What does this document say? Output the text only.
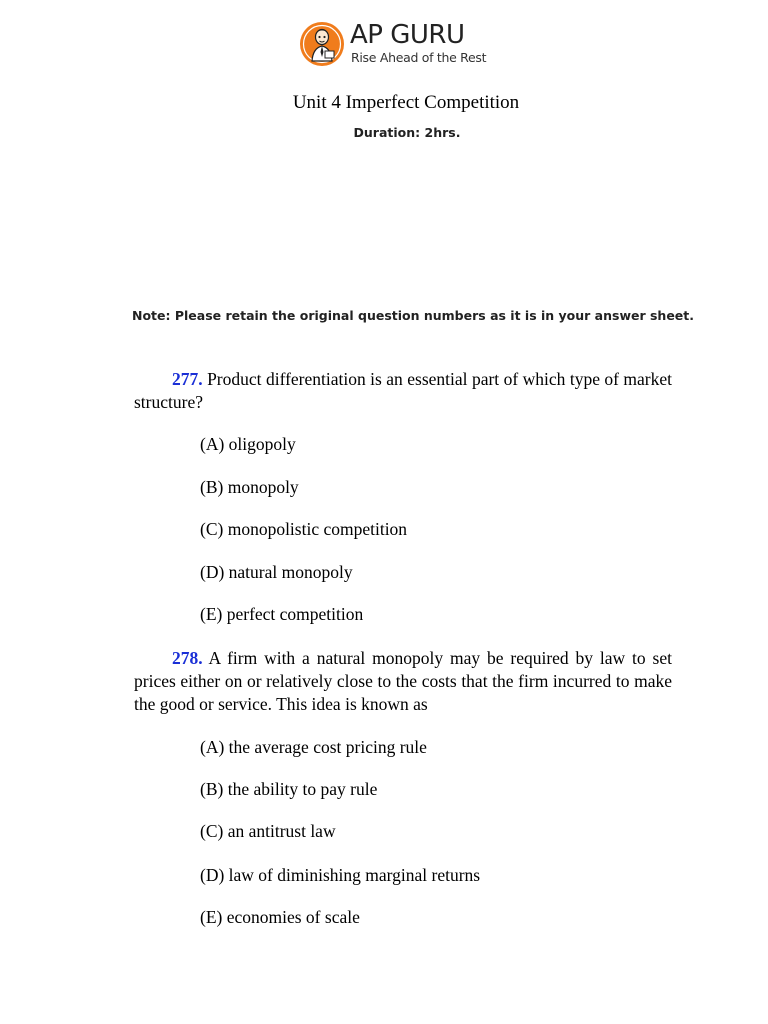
AP GURU
Rise Ahead of the Rest
Unit 4 Imperfect Competition
Duration: 2hrs.
Note: Please retain the original question numbers as it is in your answer sheet.
277. Product differentiation is an essential part of which type of market structure?
(A) oligopoly
(B) monopoly
(C) monopolistic competition
(D) natural monopoly
(E) perfect competition
278. A firm with a natural monopoly may be required by law to set prices either on or relatively close to the costs that the firm incurred to make the good or service. This idea is known as
(A) the average cost pricing rule
(B) the ability to pay rule
(C) an antitrust law
(D) law of diminishing marginal returns
(E) economies of scale
